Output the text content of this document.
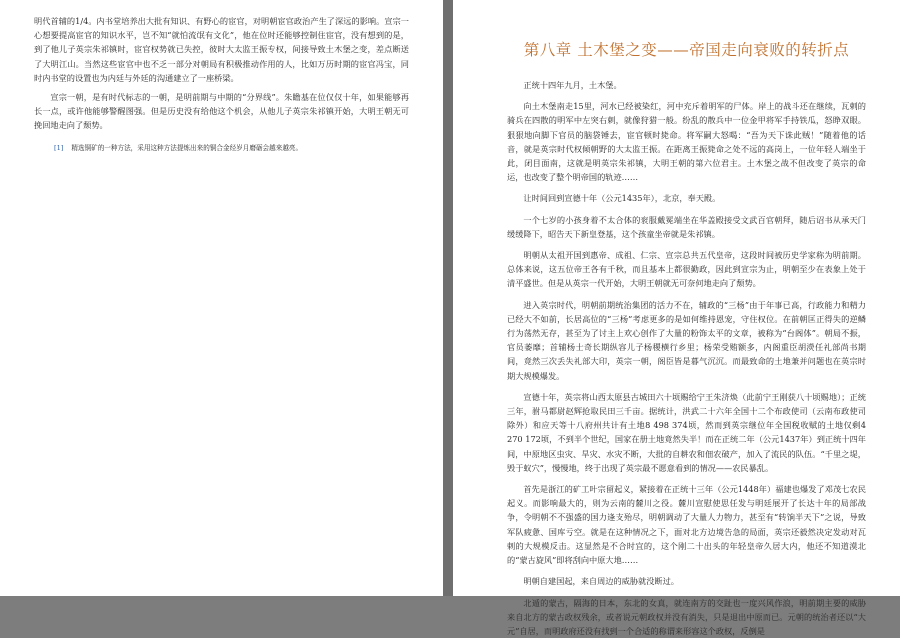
明代首辅的1/4。内书堂培养出大批有知识、有野心的宦官，对明朝宦官政治产生了深远的影响。宣宗一心想要提高宦官的知识水平，岂不知“就怕流氓有文化”，他在位时还能够控制住宦官，没有想到的是，到了他儿子英宗朱祁镇时，宦官权势就已失控，彼时大太监王振专权，间接导致土木堡之变，差点断送了大明江山。当然这些宦官中也不乏一部分对朝局有积极推动作用的人，比如万历时期的宦官冯宝，同时内书堂的设置也为内廷与外廷的沟通建立了一座桥梁。

宣宗一朝，是有时代标志的一朝，是明前期与中期的“分界线”。朱瞻基在位仅仅十年，如果能够再长一点，或许他能够警醒图强。但是历史没有给他这个机会，从他儿子英宗朱祁镇开始，大明王朝无可挽回地走向了颓势。

[1] 精选铜矿的一种方法，采用这种方法提炼出来的铜合金经岁月磨砺会越来越亮。

第八章 土木堡之变——帝国走向衰败的转折点

正统十四年九月，土木堡。

向土木堡南走15里，河水已经被染红，河中充斥着明军的尸体。岸上的战斗还在继续，瓦剌的骑兵在四散的明军中左突右刺，就像狩猎一般。纷乱的散兵中一位金甲将军手持铁瓜，怒睁双眼。狠狠地向脚下官员的脑袋锤去，宦官顿时毙命。将军嗣大怒喝：“吾为天下诛此贼！”随着他的话音，就是英宗时代权倾朝野的大太监王振。在距离王振毙命之处不远的高岗上，一位年轻人端坐于此，闭目面南，这就是明英宗朱祁镇，大明王朝的第六位君主。土木堡之战不但改变了英宗的命运，也改变了整个明帝国的轨迹……

让时间回到宣德十年（公元1435年），北京，奉天殿。

一个七岁的小孩身着不太合体的衮服戴冕端坐在华盖殿接受文武百官朝拜，随后诏书从承天门缓缓降下，昭告天下新皇登基，这个孩童坐帝就是朱祁镇。

明朝从太祖开国到惠帝、成祖、仁宗、宣宗总共五代皇帝，这段时间被历史学家称为明前期。总体来说，这五位帝王各有千秋，而且基本上都很勤政，因此到宣宗为止，明朝至少在表象上处于清平盛世。但是从英宗一代开始，大明王朝就无可奈何地走向了颓势。

进入英宗时代，明朝前期统治集团的活力不在，辅政的“三杨”由于年事已高，行政能力和精力已经大不如前，长居高位的“三杨”考虑更多的是如何维持恩宠，守住权位。在前朝匡正得失的逆鳞行为荡然无存，甚至为了讨主上欢心创作了大量的粉饰太平的文章，被称为“台阁体”。朝局不振，官员萎靡；首辅杨士奇长期纵容儿子杨稷横行乡里；杨荣受贿额多，内阁重臣胡濙任礼部尚书期间，竟然三次丢失礼部大印，英宗一朝，阁臣皆是暮气沉沉。而最致命的土地兼并问题也在英宗时期大规模爆发。

宣德十年，英宗将山西太原县古城田六十顷赐给宁王朱济焕（此前宁王刚获八十顷赐地）；正统三年，驸马都尉赵辉抢取民田三千亩。据统计，洪武二十六年全国十二个布政使司（云南布政使司除外）和应天等十八府州共计有土地8 498 374顷，然而到英宗继位年全国税收赋的土地仅剩4 270 172顷，不到半个世纪，国家在册土地竟然失半！而在正统二年（公元1437年）到正统十四年间，中原地区虫灾、旱灾、水灾不断，大批的自耕农和佃农破产，加入了流民的队伍。“千里之堤，毁于蚁穴”，慢慢地，终于出现了英宗最不愿意看到的情况——农民暴乱。

首先是浙江的矿工叶宗留起义，紧接着在正统十三年（公元1448年）福建也爆发了邓茂七农民起义。而影响最大的，则为云南的麓川之役。麓川宣慰使思任发与明廷展开了长达十年的局部战争，令明朝不不强盛的国力逢支殆尽，明朝调动了大量人力物力，甚至有“转饷半天下”之说，导致军队疲惫、国库亏空。就是在这种情况之下，面对北方边境告急的局面，英宗还毅然决定发动对瓦剌的大规模反击。这显然是不合时宜的，这个刚二十出头的年轻皇帝久居大内，他还不知道漠北的“蒙古旋风”即将刮向中原大地……

明朝自建国起，来自周边的威胁就没断过。

北遁的蒙古，隔海的日本，东北的女真，就连南方的交趾也一度兴风作浪，明前期主要的威胁来自北方的蒙古政权残余，或者说元朝政权并没有消失，只是退出中原而已。元朝的统治者还以“大元”自居，而明政府还没有找到一个合适的称谓来形容这个政权，反倒是
